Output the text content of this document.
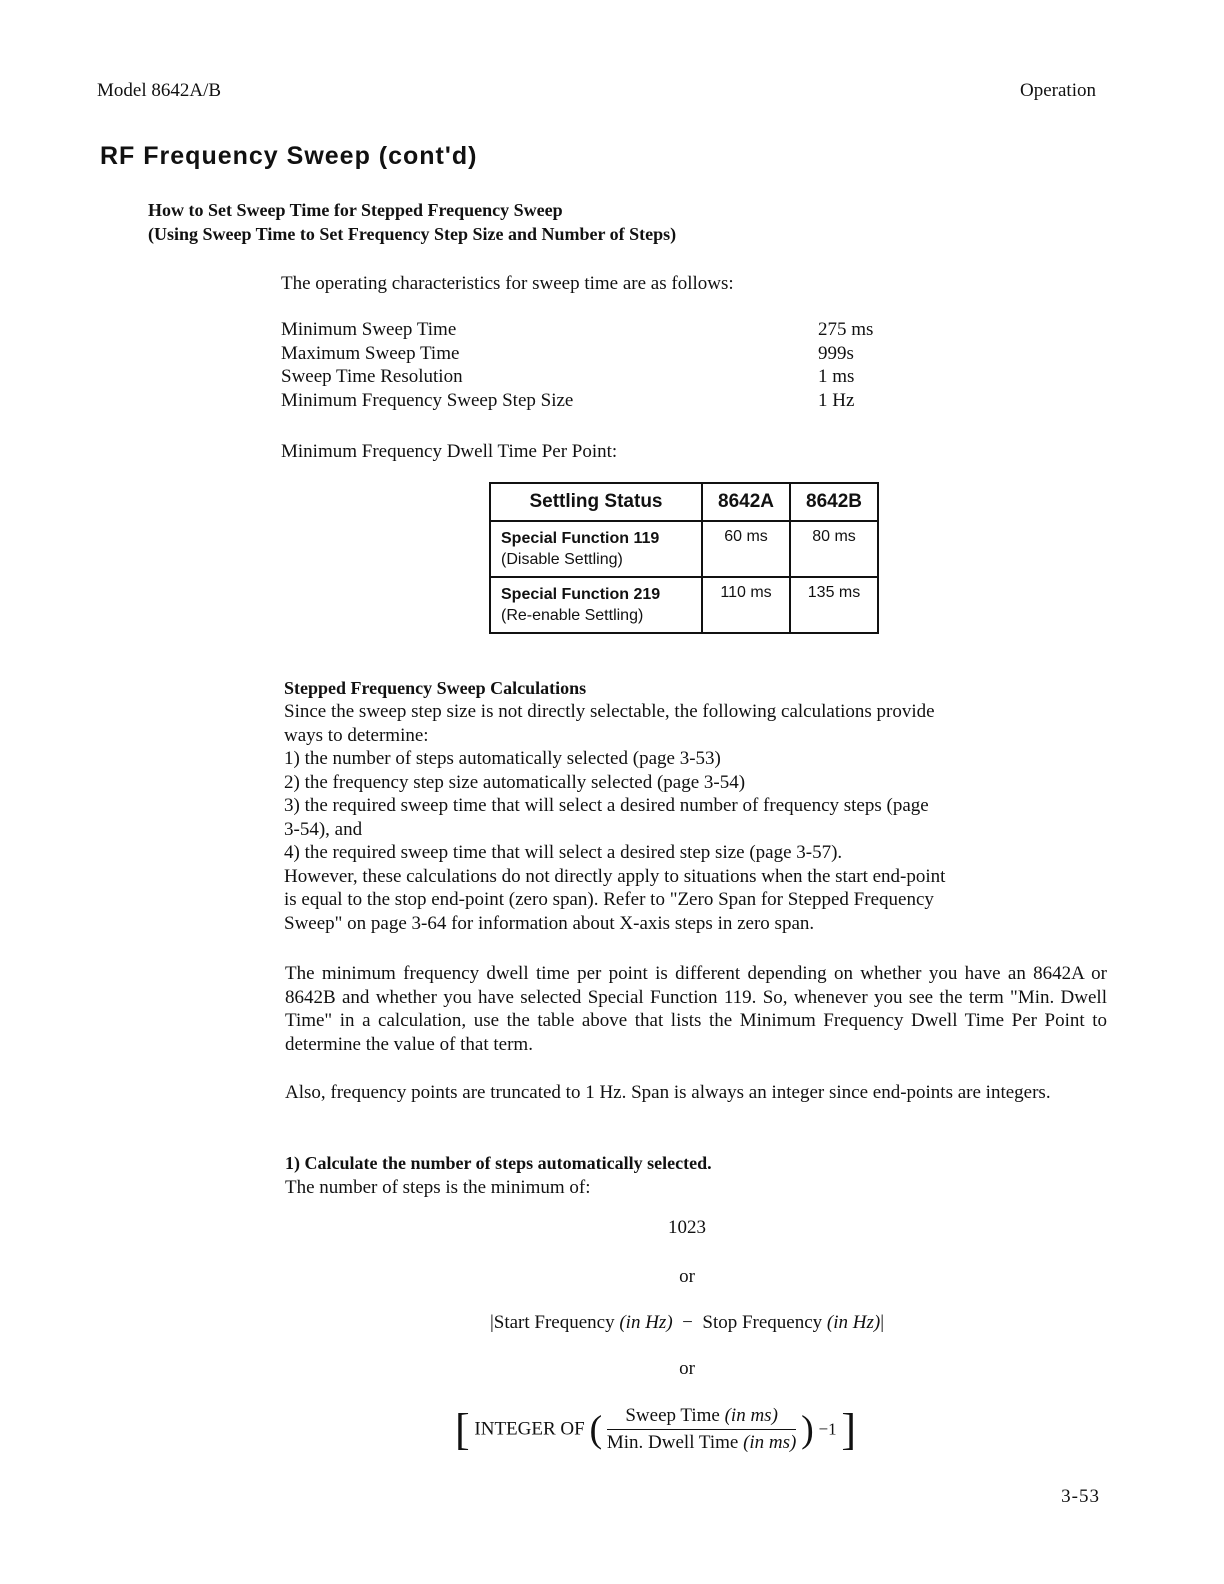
Model 8642A/B	Operation
RF Frequency Sweep (cont'd)
How to Set Sweep Time for Stepped Frequency Sweep
(Using Sweep Time to Set Frequency Step Size and Number of Steps)
The operating characteristics for sweep time are as follows:
Minimum Sweep Time	275 ms
Maximum Sweep Time	999s
Sweep Time Resolution	1 ms
Minimum Frequency Sweep Step Size	1 Hz
Minimum Frequency Dwell Time Per Point:
Settling Status	8642A	8642B

Special Function 119
(Disable Settling)	60 ms	80 ms

Special Function 219
(Re-enable Settling)	110 ms	135 ms
Stepped Frequency Sweep Calculations
Since the sweep step size is not directly selectable, the following calculations provide
ways to determine:
1) the number of steps automatically selected (page 3-53)
2) the frequency step size automatically selected (page 3-54)
3) the required sweep time that will select a desired number of frequency steps (page
3-54), and
4) the required sweep time that will select a desired step size (page 3-57).
However, these calculations do not directly apply to situations when the start end-point
is equal to the stop end-point (zero span). Refer to "Zero Span for Stepped Frequency
Sweep" on page 3-64 for information about X-axis steps in zero span.
The minimum frequency dwell time per point is different depending on whether you have an 8642A or 8642B and whether you have selected Special Function 119. So, whenever you see the term "Min. Dwell Time" in a calculation, use the table above that lists the Minimum Frequency Dwell Time Per Point to determine the value of that term.
Also, frequency points are truncated to 1 Hz. Span is always an integer since end-points are integers.
1) Calculate the number of steps automatically selected.
The number of steps is the minimum of:
1023
or
|Start Frequency (in Hz) − Stop Frequency (in Hz)|
or
[ INTEGER OF ( $\frac{\text{Sweep Time (in ms)}}{\text{Min. Dwell Time (in ms)}}$ ) −1 ]
3-53
